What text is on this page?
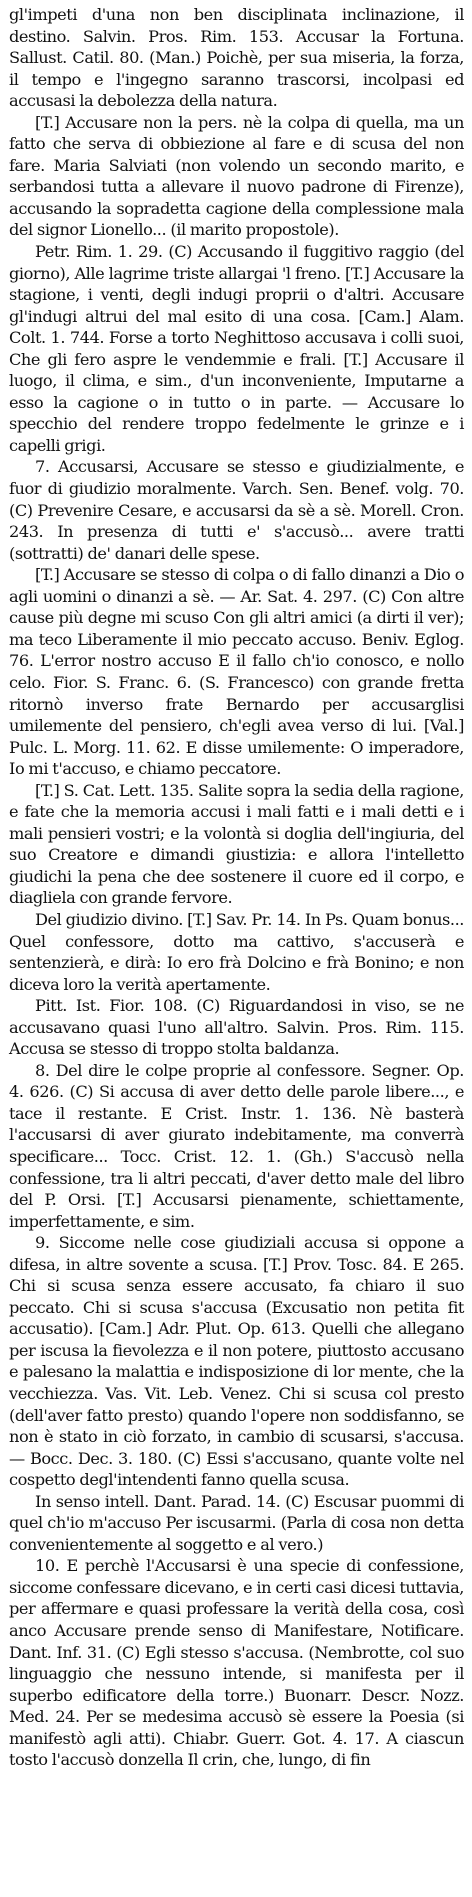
gl'impeti d'una non ben disciplinata inclinazione, il destino. Salvin. Pros. Rim. 153. Accusar la Fortuna. Sallust. Catil. 80. (Man.) Poichè, per sua miseria, la forza, il tempo e l'ingegno saranno trascorsi, incolpasi ed accusasi la debolezza della natura.

[T.] Accusare non la pers. nè la colpa di quella, ma un fatto che serva di obbiezione al fare e di scusa del non fare. Maria Salviati (non volendo un secondo marito, e serbandosi tutta a allevare il nuovo padrone di Firenze), accusando la sopradetta cagione della complessione mala del signor Lionello... (il marito propostole).

Petr. Rim. 1. 29. (C) Accusando il fuggitivo raggio (del giorno), Alle lagrime triste allargai 'l freno. [T.] Accusare la stagione, i venti, degli indugi proprii o d'altri. Accusare gl'indugi altrui del mal esito di una cosa. [Cam.] Alam. Colt. 1. 744. Forse a torto Neghittoso accusava i colli suoi, Che gli fero aspre le vendemmie e frali. [T.] Accusare il luogo, il clima, e sim., d'un inconveniente, Imputarne a esso la cagione o in tutto o in parte. — Accusare lo specchio del rendere troppo fedelmente le grinze e i capelli grigi.

7. Accusarsi, Accusare se stesso e giudizialmente, e fuor di giudizio moralmente. Varch. Sen. Benef. volg. 70. (C) Prevenire Cesare, e accusarsi da sè a sè. Morell. Cron. 243. In presenza di tutti e' s'accusò... avere tratti (sottratti) de' danari delle spese.

[T.] Accusare se stesso di colpa o di fallo dinanzi a Dio o agli uomini o dinanzi a sè. — Ar. Sat. 4. 297. (C) Con altre cause più degne mi scuso Con gli altri amici (a dirti il ver); ma teco Liberamente il mio peccato accuso. Beniv. Eglog. 76. L'error nostro accuso E il fallo ch'io conosco, e nollo celo. Fior. S. Franc. 6. (S. Francesco) con grande fretta ritornò inverso frate Bernardo per accusarglisi umilemente del pensiero, ch'egli avea verso di lui. [Val.] Pulc. L. Morg. 11. 62. E disse umilemente: O imperadore, Io mi t'accuso, e chiamo peccatore.

[T.] S. Cat. Lett. 135. Salite sopra la sedia della ragione, e fate che la memoria accusi i mali fatti e i mali detti e i mali pensieri vostri; e la volontà si doglia dell'ingiuria, del suo Creatore e dimandi giustizia: e allora l'intelletto giudichi la pena che dee sostenere il cuore ed il corpo, e diagliela con grande fervore.

Del giudizio divino. [T.] Sav. Pr. 14. In Ps. Quam bonus... Quel confessore, dotto ma cattivo, s'accuserà e sentenzierà, e dirà: Io ero frà Dolcino e frà Bonino; e non diceva loro la verità apertamente.

Pitt. Ist. Fior. 108. (C) Riguardandosi in viso, se ne accusavano quasi l'uno all'altro. Salvin. Pros. Rim. 115. Accusa se stesso di troppo stolta baldanza.

8. Del dire le colpe proprie al confessore. Segner. Op. 4. 626. (C) Si accusa di aver detto delle parole libere..., e tace il restante. E Crist. Instr. 1. 136. Nè basterà l'accusarsi di aver giurato indebitamente, ma converrà specificare... Tocc. Crist. 12. 1. (Gh.) S'accusò nella confessione, tra li altri peccati, d'aver detto male del libro del P. Orsi. [T.] Accusarsi pienamente, schiettamente, imperfettamente, e sim.

9. Siccome nelle cose giudiziali accusa si oppone a difesa, in altre sovente a scusa. [T.] Prov. Tosc. 84. E 265. Chi si scusa senza essere accusato, fa chiaro il suo peccato. Chi si scusa s'accusa (Excusatio non petita fit accusatio). [Cam.] Adr. Plut. Op. 613. Quelli che allegano per iscusa la fievolezza e il non potere, piuttosto accusano e palesano la malattia e indisposizione di lor mente, che la vecchiezza. Vas. Vit. Leb. Venez. Chi si scusa col presto (dell'aver fatto presto) quando l'opere non soddisfanno, se non è stato in ciò forzato, in cambio di scusarsi, s'accusa. — Bocc. Dec. 3. 180. (C) Essi s'accusano, quante volte nel cospetto degl'intendenti fanno quella scusa.

In senso intell. Dant. Parad. 14. (C) Escusar puommi di quel ch'io m'accuso Per iscusarmi. (Parla di cosa non detta convenientemente al soggetto e al vero.)

10. E perchè l'Accusarsi è una specie di confessione, siccome confessare dicevano, e in certi casi dicesi tuttavia, per affermare e quasi professare la verità della cosa, così anco Accusare prende senso di Manifestare, Notificare. Dant. Inf. 31. (C) Egli stesso s'accusa. (Nembrotte, col suo linguaggio che nessuno intende, si manifesta per il superbo edificatore della torre.) Buonarr. Descr. Nozz. Med. 24. Per se medesima accusò sè essere la Poesia (si manifestò agli atti). Chiabr. Guerr. Got. 4. 17. A ciascun tosto l'accusò donzella Il crin, che, lungo, di fin
